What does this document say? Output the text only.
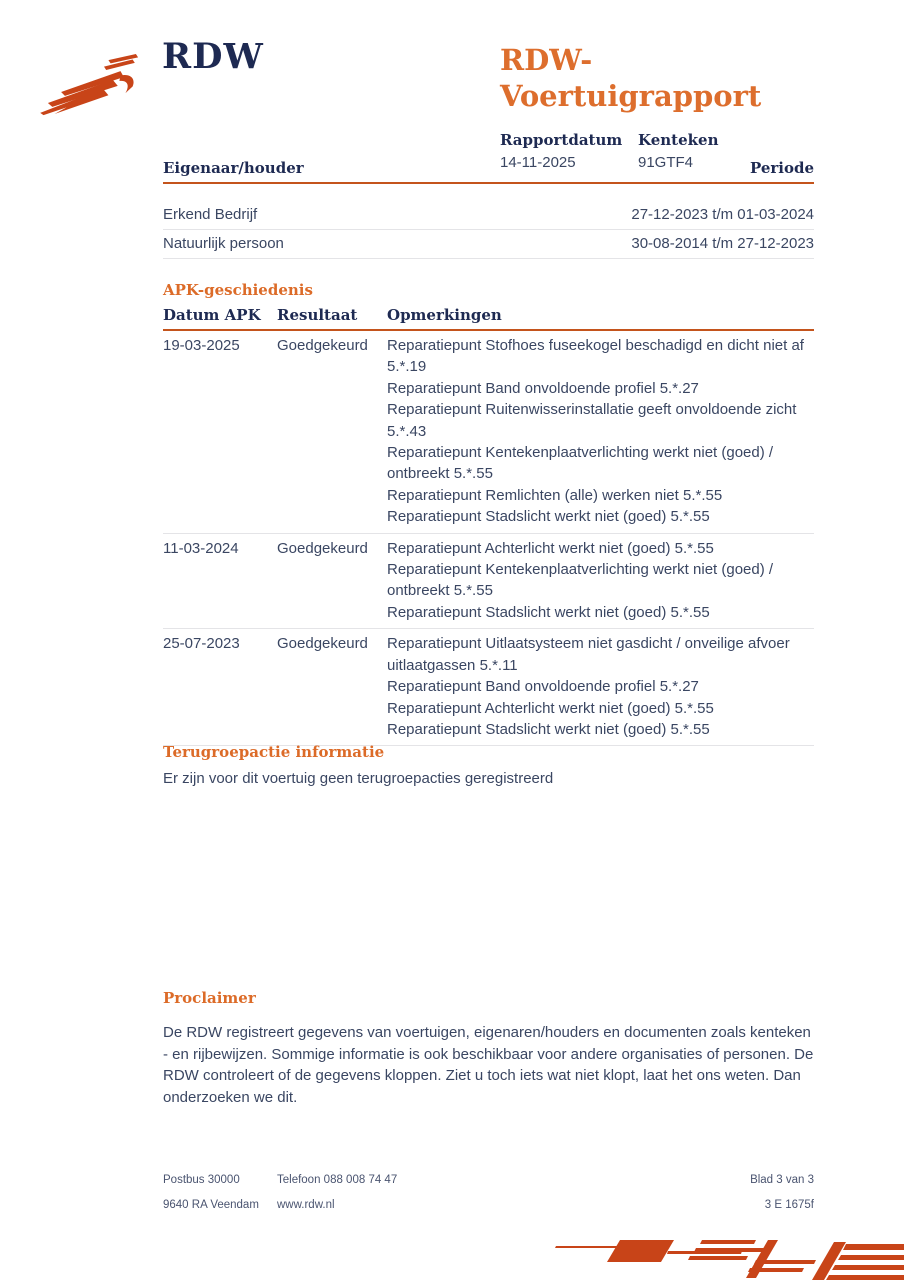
RDW	RDW-Voertuigrapport
Rapportdatum
14-11-2025
Kenteken
91GTF4
Eigenaar/houder	Periode
Erkend Bedrijf	27-12-2023 t/m 01-03-2024
Natuurlijk persoon	30-08-2014 t/m 27-12-2023
APK-geschiedenis
Datum APK	Resultaat	Opmerkingen
19-03-2025	Goedgekeurd	Reparatiepunt Stofhoes fuseekogel beschadigd en dicht niet af 5.*.19

Reparatiepunt Band onvoldoende profiel 5.*.27

Reparatiepunt Ruitenwisserinstallatie geeft onvoldoende zicht 5.*.43

Reparatiepunt Kentekenplaatverlichting werkt niet (goed) / ontbreekt 5.*.55

Reparatiepunt Remlichten (alle) werken niet 5.*.55

Reparatiepunt Stadslicht werkt niet (goed) 5.*.55

11-03-2024	Goedgekeurd	Reparatiepunt Achterlicht werkt niet (goed) 5.*.55

Reparatiepunt Kentekenplaatverlichting werkt niet (goed) / ontbreekt 5.*.55

Reparatiepunt Stadslicht werkt niet (goed) 5.*.55

25-07-2023	Goedgekeurd	Reparatiepunt Uitlaatsysteem niet gasdicht / onveilige afvoer uitlaatgassen 5.*.11

Reparatiepunt Band onvoldoende profiel 5.*.27

Reparatiepunt Achterlicht werkt niet (goed) 5.*.55

Reparatiepunt Stadslicht werkt niet (goed) 5.*.55

Terugroepactie informatie
Er zijn voor dit voertuig geen terugroepacties geregistreerd
Proclaimer
De RDW registreert gegevens van voertuigen, eigenaren/houders en documenten zoals kenteken - en rijbewijzen. Sommige informatie is ook beschikbaar voor andere organisaties of personen. De RDW controleert of de gegevens kloppen. Ziet u toch iets wat niet klopt, laat het ons weten. Dan onderzoeken we dit.
Postbus 30000	Telefoon 088 008 74 47	Blad 3 van 3
9640 RA Veendam	www.rdw.nl	3 E 1675f
